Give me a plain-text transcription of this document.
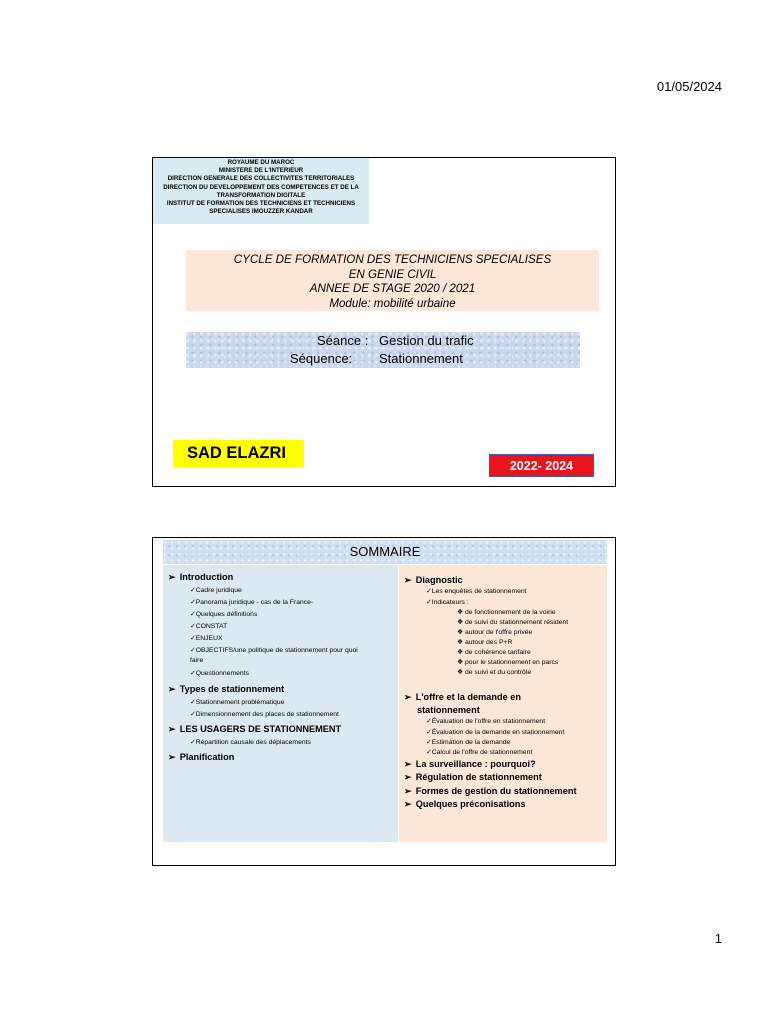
01/05/2024
ROYAUME DU MAROC
MINISTERE DE L'INTERIEUR
DIRECTION GENERALE DES COLLECTIVITES TERRITORIALES
DIRECTION DU DEVELOPPEMENT DES COMPETENCES ET DE LA
TRANSFORMATION DIGITALE
INSTITUT DE FORMATION DES TECHNICIENS ET TECHNICIENS
SPECIALISES IMOUZZER KANDAR
CYCLE DE FORMATION DES TECHNICIENS SPECIALISES
EN GENIE CIVIL
ANNEE DE STAGE 2020 / 2021
Module: mobilité urbaine
Séance : Gestion du trafic
Séquence: Stationnement
SAD ELAZRI
2022- 2024
SOMMAIRE
➢ Introduction
✓Cadre juridique
✓Panorama juridique - cas de la France-
✓Quelques définitions
✓CONSTAT
✓ENJEUX
✓OBJECTIFS/une politique de stationnement pour quoi
faire
✓Questionnements
➢ Types de stationnement
✓Stationnement problématique
✓Dimensionnement des places de stationnement
➢ LES USAGERS DE STATIONNEMENT
✓Répartition causale des déplacements
➢ Planification
➢ Diagnostic
✓Les enquêtes de stationnement
✓Indicateurs :
❖ de fonctionnement de la voirie
❖ de suivi du stationnement résident
❖ autour de l'offre privée
❖ autour des P+R
❖ de cohérence tarifaire
❖ pour le stationnement en parcs
❖ de suivi et du contrôle
➢ L'offre et la demande en
stationnement
✓Évaluation de l'offre en stationnement
✓Évaluation de la demande en stationnement
✓Estimation de la demande
✓Calcul de l'offre de stationnement
➢ La surveillance : pourquoi?
➢ Régulation de stationnement
➢ Formes de gestion du stationnement
➢ Quelques préconisations
1
